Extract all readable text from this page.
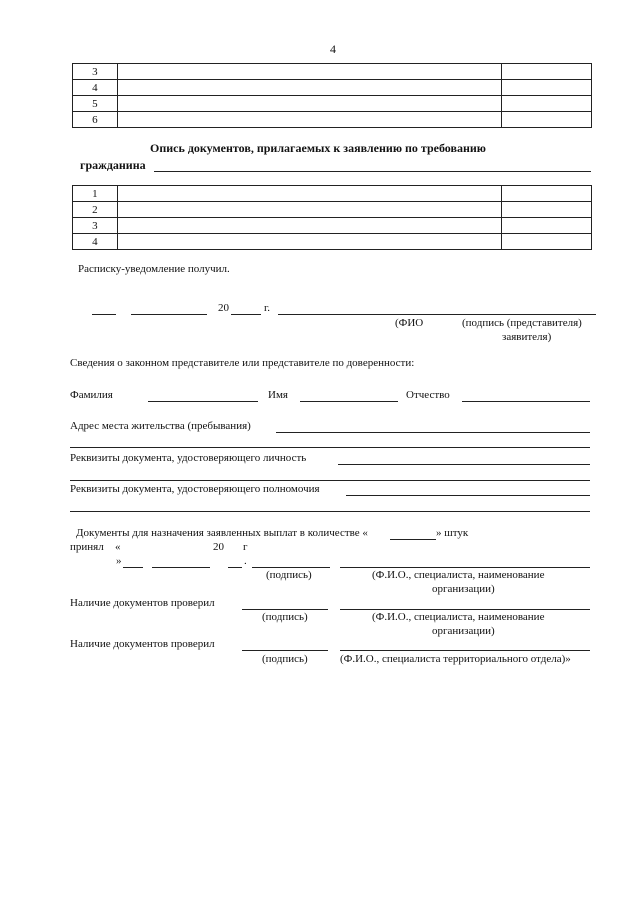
4
3		
4		
5		
6		
Опись документов, прилагаемых к заявлению по требованию
гражданина
1		
2		
3		
4		
Расписку-уведомление получил.
20	г.
(ФИО	(подпись (представителя)
заявителя)
Сведения о законном представителе или представителе по доверенности:
Фамилия	Имя	Отчество
Адрес места жительства (пребывания)
Реквизиты документа, удостоверяющего личность
Реквизиты документа, удостоверяющего полномочия
Документы для назначения заявленных выплат в количестве «	» штук
принял «	20 г
»	.
(подпись)	(Ф.И.О., специалиста, наименование
организации)
Наличие документов проверил
(подпись)	(Ф.И.О., специалиста, наименование
организации)
Наличие документов проверил
(подпись)	(Ф.И.О., специалиста территориального отдела)»
